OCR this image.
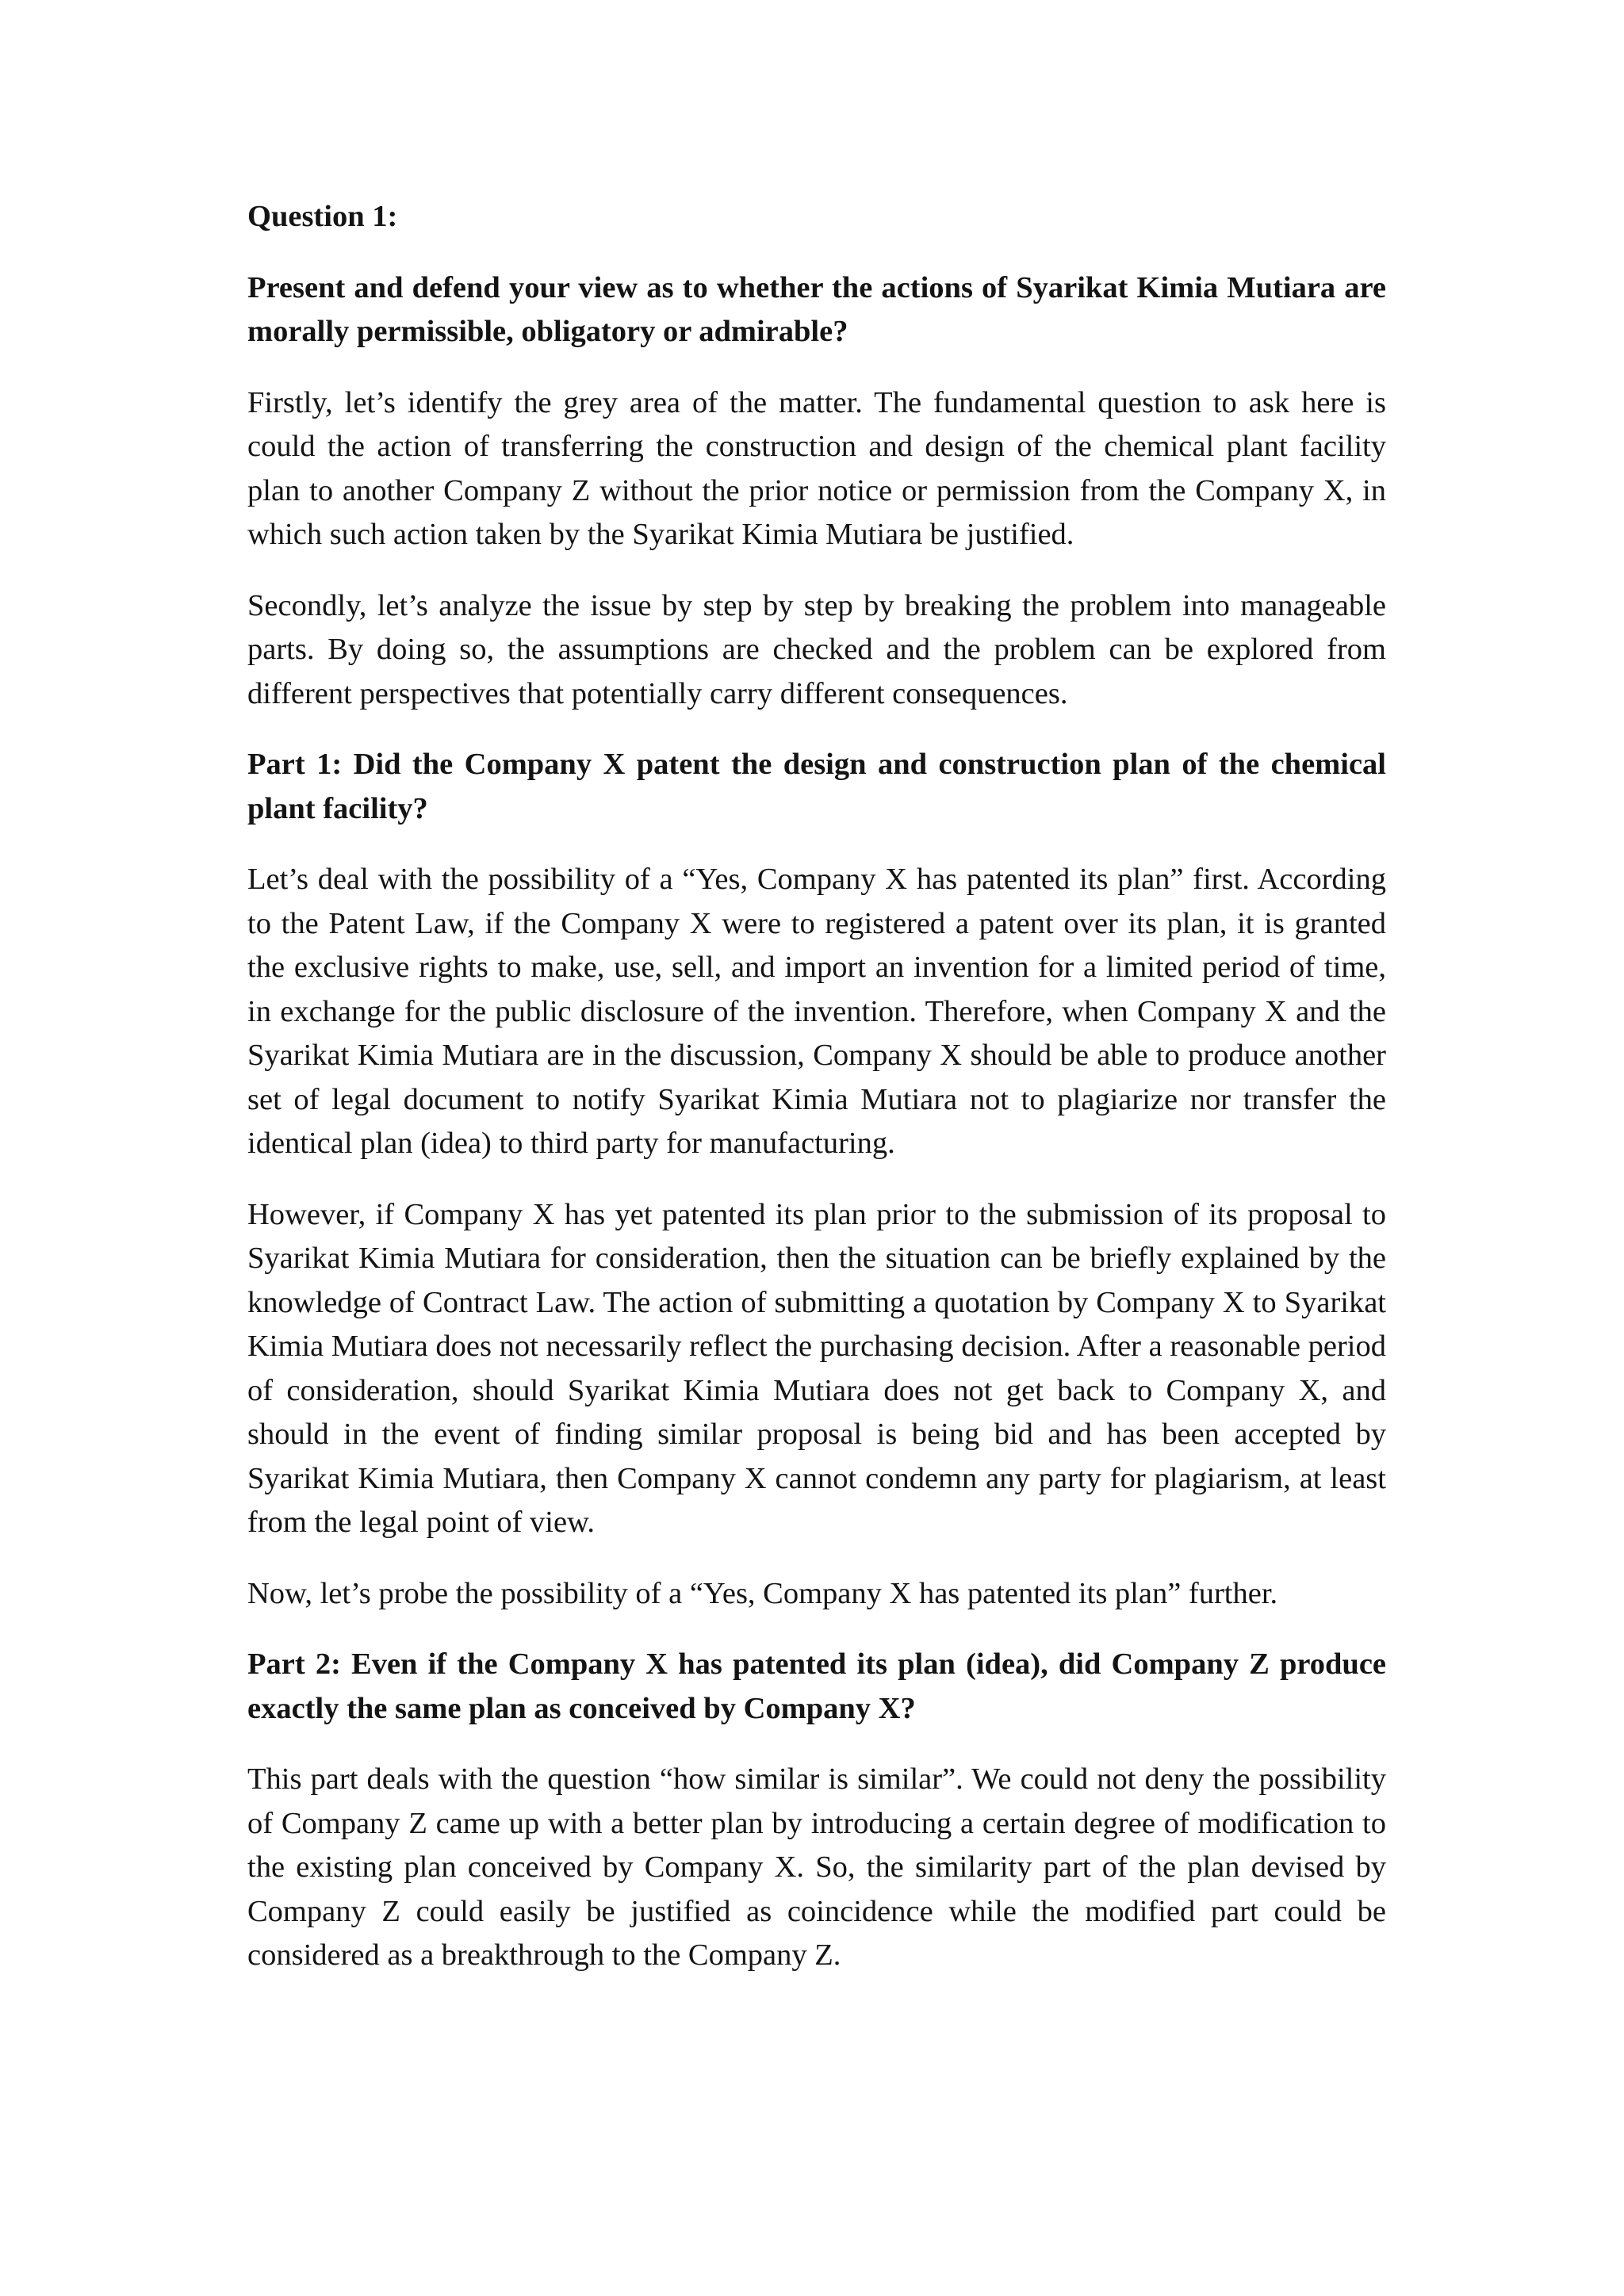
Question 1:

Present and defend your view as to whether the actions of Syarikat Kimia Mutiara are morally permissible, obligatory or admirable?

Firstly, let’s identify the grey area of the matter. The fundamental question to ask here is could the action of transferring the construction and design of the chemical plant facility plan to another Company Z without the prior notice or permission from the Company X, in which such action taken by the Syarikat Kimia Mutiara be justified.

Secondly, let’s analyze the issue by step by step by breaking the problem into manageable parts. By doing so, the assumptions are checked and the problem can be explored from different perspectives that potentially carry different consequences.

Part 1: Did the Company X patent the design and construction plan of the chemical plant facility?

Let’s deal with the possibility of a “Yes, Company X has patented its plan” first. According to the Patent Law, if the Company X were to registered a patent over its plan, it is granted the exclusive rights to make, use, sell, and import an invention for a limited period of time, in exchange for the public disclosure of the invention. Therefore, when Company X and the Syarikat Kimia Mutiara are in the discussion, Company X should be able to produce another set of legal document to notify Syarikat Kimia Mutiara not to plagiarize nor transfer the identical plan (idea) to third party for manufacturing.

However, if Company X has yet patented its plan prior to the submission of its proposal to Syarikat Kimia Mutiara for consideration, then the situation can be briefly explained by the knowledge of Contract Law. The action of submitting a quotation by Company X to Syarikat Kimia Mutiara does not necessarily reflect the purchasing decision. After a reasonable period of consideration, should Syarikat Kimia Mutiara does not get back to Company X, and should in the event of finding similar proposal is being bid and has been accepted by Syarikat Kimia Mutiara, then Company X cannot condemn any party for plagiarism, at least from the legal point of view.

Now, let’s probe the possibility of a “Yes, Company X has patented its plan” further.

Part 2: Even if the Company X has patented its plan (idea), did Company Z produce exactly the same plan as conceived by Company X?

This part deals with the question “how similar is similar”. We could not deny the possibility of Company Z came up with a better plan by introducing a certain degree of modification to the existing plan conceived by Company X. So, the similarity part of the plan devised by Company Z could easily be justified as coincidence while the modified part could be considered as a breakthrough to the Company Z.
